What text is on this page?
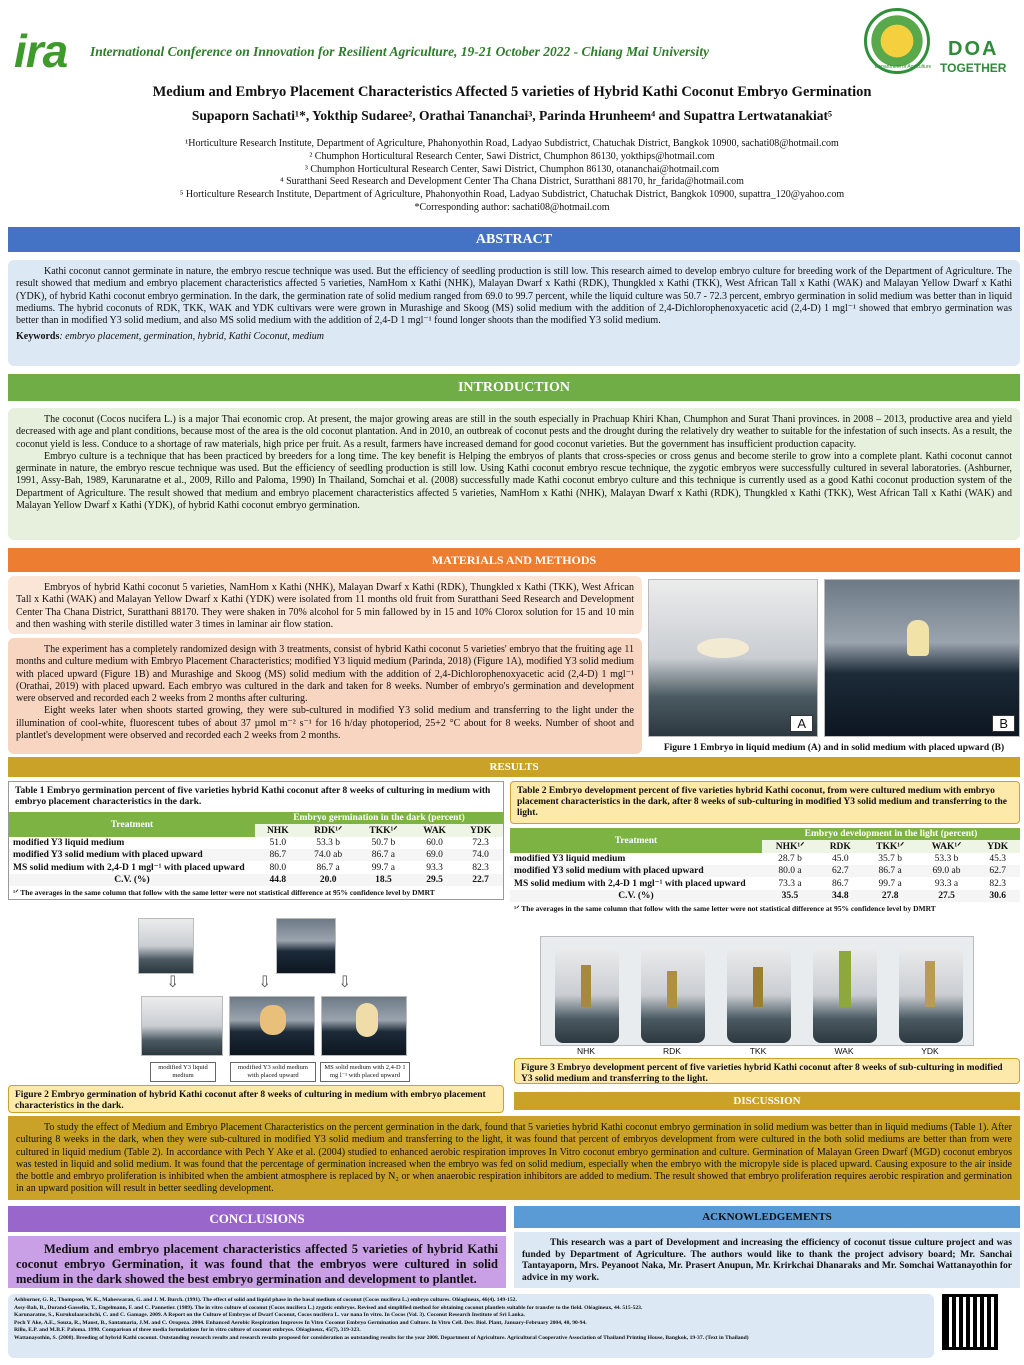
ira International Conference on Innovation for Resilient Agriculture, 19-21 October 2022 - Chiang Mai University
Department of Agriculture
DOA
TOGETHER
Medium and Embryo Placement Characteristics Affected 5 varieties of Hybrid Kathi Coconut Embryo Germination
Supaporn Sachati¹*, Yokthip Sudaree², Orathai Tananchai³, Parinda Hrunheem⁴ and Supattra Lertwatanakiat⁵
¹Horticulture Research Institute, Department of Agriculture, Phahonyothin Road, Ladyao Subdistrict, Chatuchak District, Bangkok 10900, sachati08@hotmail.com
² Chumphon Horticultural Research Center, Sawi District, Chumphon 86130, yokthips@hotmail.com
³ Chumphon Horticultural Research Center, Sawi District, Chumphon 86130, otananchai@hotmail.com
⁴ Suratthani Seed Research and Development Center Tha Chana District, Suratthani 88170, hr_farida@hotmail.com
⁵ Horticulture Research Institute, Department of Agriculture, Phahonyothin Road, Ladyao Subdistrict, Chatuchak District, Bangkok 10900, supattra_120@yahoo.com
*Corresponding author: sachati08@hotmail.com
ABSTRACT

Kathi coconut cannot germinate in nature, the embryo rescue technique was used. But the efficiency of seedling production is still low. This research aimed to develop embryo culture for breeding work of the Department of Agriculture. The result showed that medium and embryo placement characteristics affected 5 varieties, NamHom x Kathi (NHK), Malayan Dwarf x Kathi (RDK), Thungkled x Kathi (TKK), West African Tall x Kathi (WAK) and Malayan Yellow Dwarf x Kathi (YDK), of hybrid Kathi coconut embryo germination. In the dark, the germination rate of solid medium ranged from 69.0 to 99.7 percent, while the liquid culture was 50.7 - 72.3 percent, embryo germination in solid medium was better than in liquid mediums. The hybrid coconuts of RDK, TKK, WAK and YDK cultivars were were grown in Murashige and Skoog (MS) solid medium with the addition of 2,4-Dichlorophenoxyacetic acid (2,4-D) 1 mgl⁻¹ showed that embryo germination was better than in modified Y3 solid medium, and also MS solid medium with the addition of 2,4-D 1 mgl⁻¹ found longer shoots than the modified Y3 solid medium.

Keywords: embryo placement, germination, hybrid, Kathi Coconut, medium
INTRODUCTION

The coconut (Cocos nucifera L.) is a major Thai economic crop. At present, the major growing areas are still in the south especially in Prachuap Khiri Khan, Chumphon and Surat Thani provinces. in 2008 – 2013, productive area and yield decreased with age and plant conditions, because most of the area is the old coconut plantation. And in 2010, an outbreak of coconut pests and the drought during the relatively dry weather to suitable for the infestation of such insects. As a result, the coconut yield is less. Conduce to a shortage of raw materials, high price per fruit. As a result, farmers have increased demand for good coconut varieties. But the government has insufficient production capacity.

Embryo culture is a technique that has been practiced by breeders for a long time. The key benefit is Helping the embryos of plants that cross-species or cross genus and become sterile to grow into a complete plant. Kathi coconut cannot germinate in nature, the embryo rescue technique was used. But the efficiency of seedling production is still low. Using Kathi coconut embryo rescue technique, the zygotic embryos were successfully cultured in several laboratories. (Ashburner, 1991, Assy-Bah, 1989, Karunaratne et al., 2009, Rillo and Paloma, 1990) In Thailand, Somchai et al. (2008) successfully made Kathi coconut embryo culture and this technique is currently used as a good Kathi coconut production system of the Department of Agriculture. The result showed that medium and embryo placement characteristics affected 5 varieties, NamHom x Kathi (NHK), Malayan Dwarf x Kathi (RDK), Thungkled x Kathi (TKK), West African Tall x Kathi (WAK) and Malayan Yellow Dwarf x Kathi (YDK), of hybrid Kathi coconut embryo germination.

MATERIALS AND METHODS

Embryos of hybrid Kathi coconut 5 varieties, NamHom x Kathi (NHK), Malayan Dwarf x Kathi (RDK), Thungkled x Kathi (TKK), West African Tall x Kathi (WAK) and Malayan Yellow Dwarf x Kathi (YDK) were isolated from 11 months old fruit from Suratthani Seed Research and Development Center Tha Chana District, Suratthani 88170. They were shaken in 70% alcohol for 5 min fallowed by in 15 and 10% Clorox solution for 15 and 10 min and then washing with sterile distilled water 3 times in laminar air flow station.

The experiment has a completely randomized design with 3 treatments, consist of hybrid Kathi coconut 5 varieties' embryo that the fruiting age 11 months and culture medium with Embryo Placement Characteristics; modified Y3 liquid medium (Parinda, 2018) (Figure 1A), modified Y3 solid medium with placed upward (Figure 1B) and Murashige and Skoog (MS) solid medium with the addition of 2,4-Dichlorophenoxyacetic acid (2,4-D) 1 mgl⁻¹ (Orathai, 2019) with placed upward. Each embryo was cultured in the dark and taken for 8 weeks. Number of embryo's germination and development were observed and recorded each 2 weeks from 2 months after culturing.

Eight weeks later when shoots started growing, they were sub-cultured in modified Y3 solid medium and transferring to the light under the illumination of cool-white, fluorescent tubes of about 37 µmol m⁻² s⁻¹ for 16 h/day photoperiod, 25+2 °C about for 8 weeks. Number of shoot and plantlet's development were observed and recorded each 2 weeks from 2 months.

A	B
Figure 1 Embryo in liquid medium (A) and in solid medium with placed upward (B)
RESULTS
Table 1 Embryo germination percent of five varieties hybrid Kathi coconut after 8 weeks of culturing in medium with embryo placement characteristics in the dark.
Treatment	Embryo germination in the dark (percent)				
	NHK	RDK¹ᐟ	TKK¹ᐟ	WAK	YDK
modified Y3 liquid medium	51.0	53.3 b	50.7 b	60.0	72.3
modified Y3 solid medium with placed upward	86.7	74.0 ab	86.7 a	69.0	74.0
MS solid medium with 2,4-D 1 mgl⁻¹ with placed upward	80.0	86.7 a	99.7 a	93.3	82.3
C.V. (%)	44.8	20.0	18.5	29.5	22.7
¹ᐟ The averages in the same column that follow with the same letter were not statistical difference at 95% confidence level by DMRT
Table 2 Embryo development percent of five varieties hybrid Kathi coconut, from were cultured medium with embryo placement characteristics in the dark, after 8 weeks of sub-culturing in modified Y3 solid medium and transferring to the light.
Treatment	Embryo development in the light (percent)				
	NHK¹ᐟ	RDK	TKK¹ᐟ	WAK¹ᐟ	YDK
modified Y3 liquid medium	28.7 b	45.0	35.7 b	53.3 b	45.3
modified Y3 solid medium with placed upward	80.0 a	62.7	86.7 a	69.0 ab	62.7
MS solid medium with 2,4-D 1 mgl⁻¹ with placed upward	73.3 a	86.7	99.7 a	93.3 a	82.3
C.V. (%)	35.5	34.8	27.8	27.5	30.6
¹ᐟ The averages in the same column that follow with the same letter were not statistical difference at 95% confidence level by DMRT
⇩	⇩	⇩
modified Y3 liquid medium
modified Y3 solid medium with placed upward
MS solid medium with 2,4-D 1 mg l⁻¹ with placed upward
Figure 2 Embryo germination of hybrid Kathi coconut after 8 weeks of culturing in medium with embryo placement characteristics in the dark.
NHK	RDK	TKK	WAK	YDK
Figure 3 Embryo development percent of five varieties hybrid Kathi coconut after 8 weeks of sub-culturing in modified Y3 solid medium and transferring to the light.
DISCUSSION

To study the effect of Medium and Embryo Placement Characteristics on the percent germination in the dark, found that 5 varieties hybrid Kathi coconut embryo germination in solid medium was better than in liquid mediums (Table 1). After culturing 8 weeks in the dark, when they were sub-cultured in modified Y3 solid medium and transferring to the light, it was found that percent of embryos development from were cultured in the both solid mediums are better than from were cultured in liquid medium (Table 2). In accordance with Pech Y Ake et al. (2004) studied to enhanced aerobic respiration improves In Vitro coconut embryo germination and culture. Germination of Malayan Green Dwarf (MGD) coconut embryos was tested in liquid and solid medium. It was found that the percentage of germination increased when the embryo was fed on solid medium, especially when the embryo with the micropyle side is placed upward. Causing exposure to the air inside the bottle and embryo proliferation is inhibited when the ambient atmosphere is replaced by N₂ or when anaerobic respiration inhibitors are added to medium. The result showed that embryo proliferation requires aerobic respiration and germination in an upward position will result in better seedling development.

CONCLUSIONS

Medium and embryo placement characteristics affected 5 varieties of hybrid Kathi coconut embryo Germination, it was found that the embryos were cultured in solid medium in the dark showed the best embryo germination and development to plantlet.

ACKNOWLEDGEMENTS

This research was a part of Development and increasing the efficiency of coconut tissue culture project and was funded by Department of Agriculture. The authors would like to thank the project advisory board; Mr. Sanchai Tantayaporn, Mrs. Peyanoot Naka, Mr. Prasert Anupun, Mr. Krirkchai Dhanaraks and Mr. Somchai Wattanayothin for advice in my work.

Ashburner, G. R., Thompson, W. K., Maheswaran, G. and J. M. Burch. (1991). The effect of solid and liquid phase in the basal medium of coconut (Cocos nucifera L.) embryo cultures. Oléagineux, 46(4). 149-152.
Assy-Bah, B., Durand-Gasselin, T., Engelmann, F. and C. Pannetier. (1989). The in vitro culture of coconut (Cocos nucifera L.) zygotic embryos. Revised and simplified method for obtaining coconut plantlets suitable for transfer to the field. Oléagineux, 44. 515-523.
Karunaratne, S., Kurukulaarachchi, C. and C. Gamage. 2009. A Report on the Culture of Embryos of Dwarf Coconut, Cocos nucifera L. var nana In vitro. In Cocos (Vol. 3). Coconut Research Institute of Sri Lanka.
Pech Y Ake, A.E., Souza, R., Maust, B., Santamaria, J.M. and C. Oropeza. 2004. Enhanced Aerobic Respiration Improves In Vitro Coconut Embryo Germination and Culture. In Vitro Cell. Dev. Biol. Plant, January-February 2004, 40, 90-94.
Rillo, E.P. and M.B.F. Paloma. 1990. Comparison of three media formulations for in vitro culture of coconut embryos. Oléagineux, 45(7), 319-323.
Wattanayothin, S. (2008). Breeding of hybrid Kathi coconut. Outstanding research results and research results proposed for consideration as outstanding results for the year 2008. Department of Agriculture. Agricultural Cooperative Association of Thailand Printing House, Bangkok, 19-37. (Text in Thailand)
